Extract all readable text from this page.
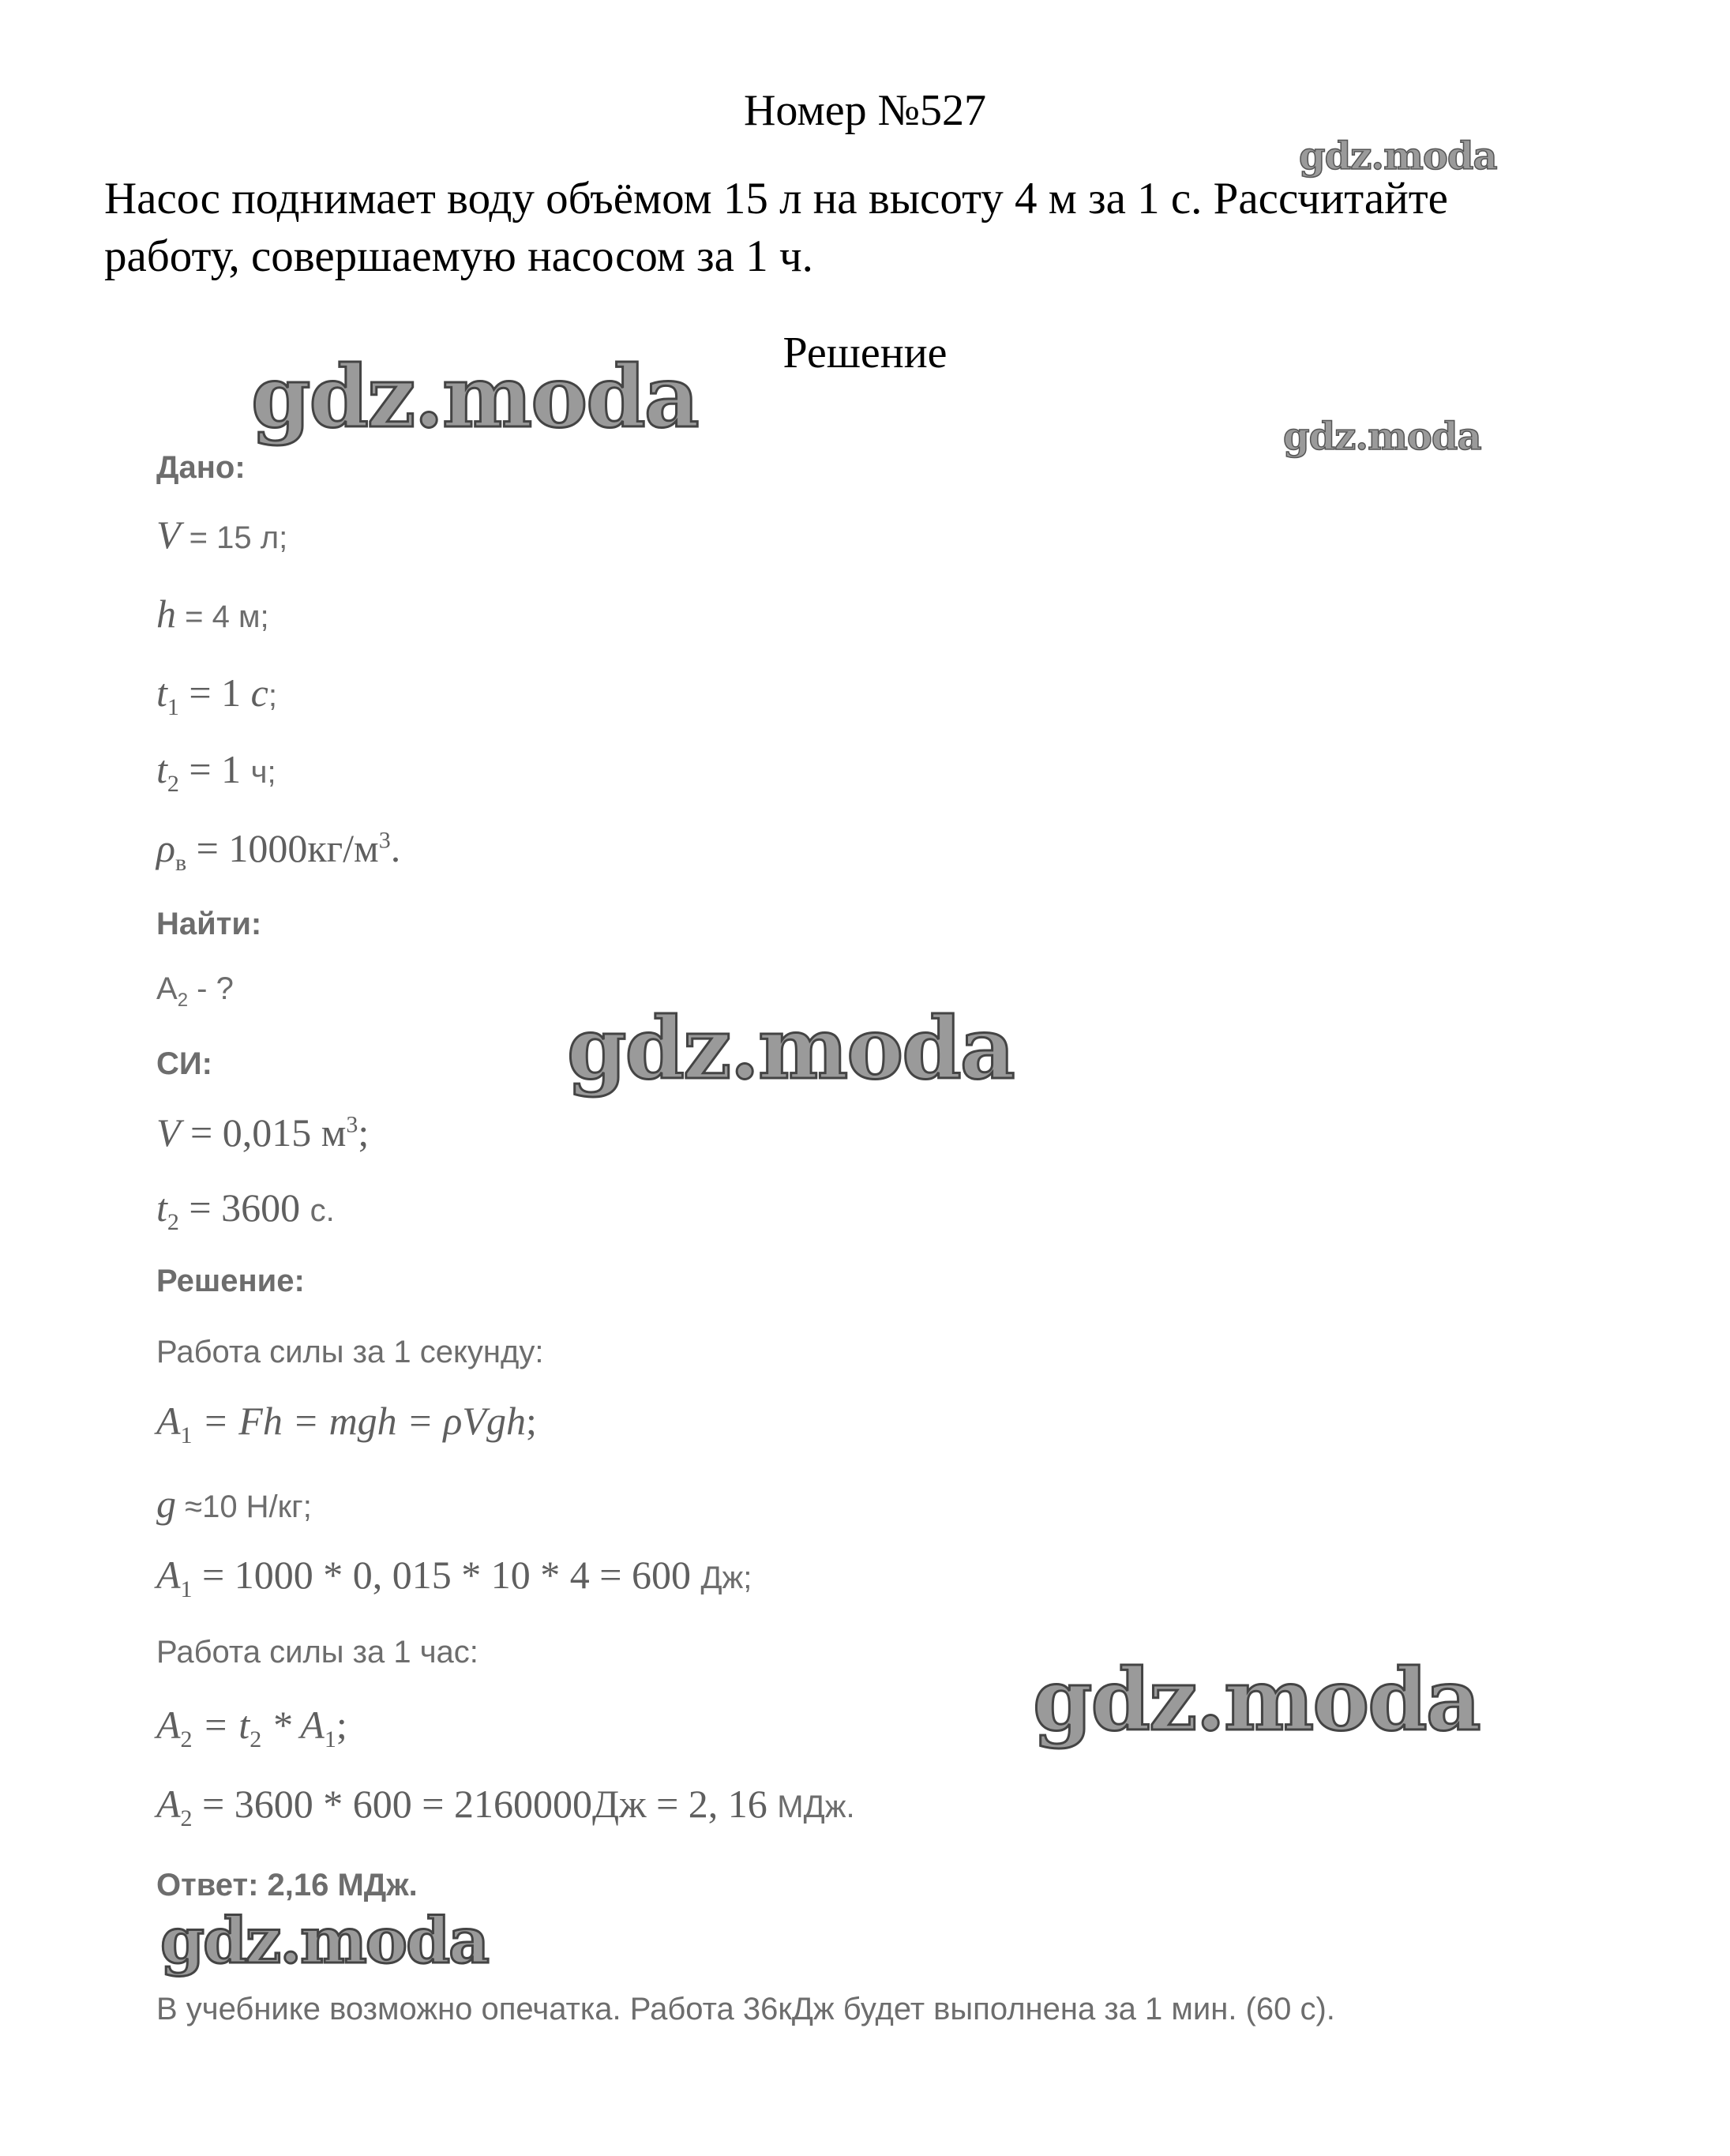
Номер №527
Насос поднимает воду объёмом 15 л на высоту 4 м за 1 с. Рассчитайте
работу, совершаемую насосом за 1 ч.
Решение
Дано:
V = 15 л;
h = 4 м;
$t_1 = 1$ c;
$t_2 = 1$ ч;
$\rho_в = 1000кг/м^3$.
Найти:
$A_2$ - ?
СИ:
V = 0,015 $м^3$;
$t_2 = 3600$ с.
Решение:
Работа силы за 1 секунду:
$A_1 = Fh$ = mgh = ρVgh;
g ≈10 Н/кг;
$A_1 = 1000 * 0$, 015 * 10 * 4 = 600 Дж;
Работа силы за 1 час:
$A_2 = t_2 * A_1$;
$A_2 = 3600 * 600 = 2160000Дж = 2$, 16 МДж.
Ответ: 2,16 МДж.
В учебнике возможно опечатка. Работа 36кДж будет выполнена за 1 мин. (60 с).
gdz.moda
gdz.moda	gdz.moda
gdz.moda
gdz.moda
gdz.moda
